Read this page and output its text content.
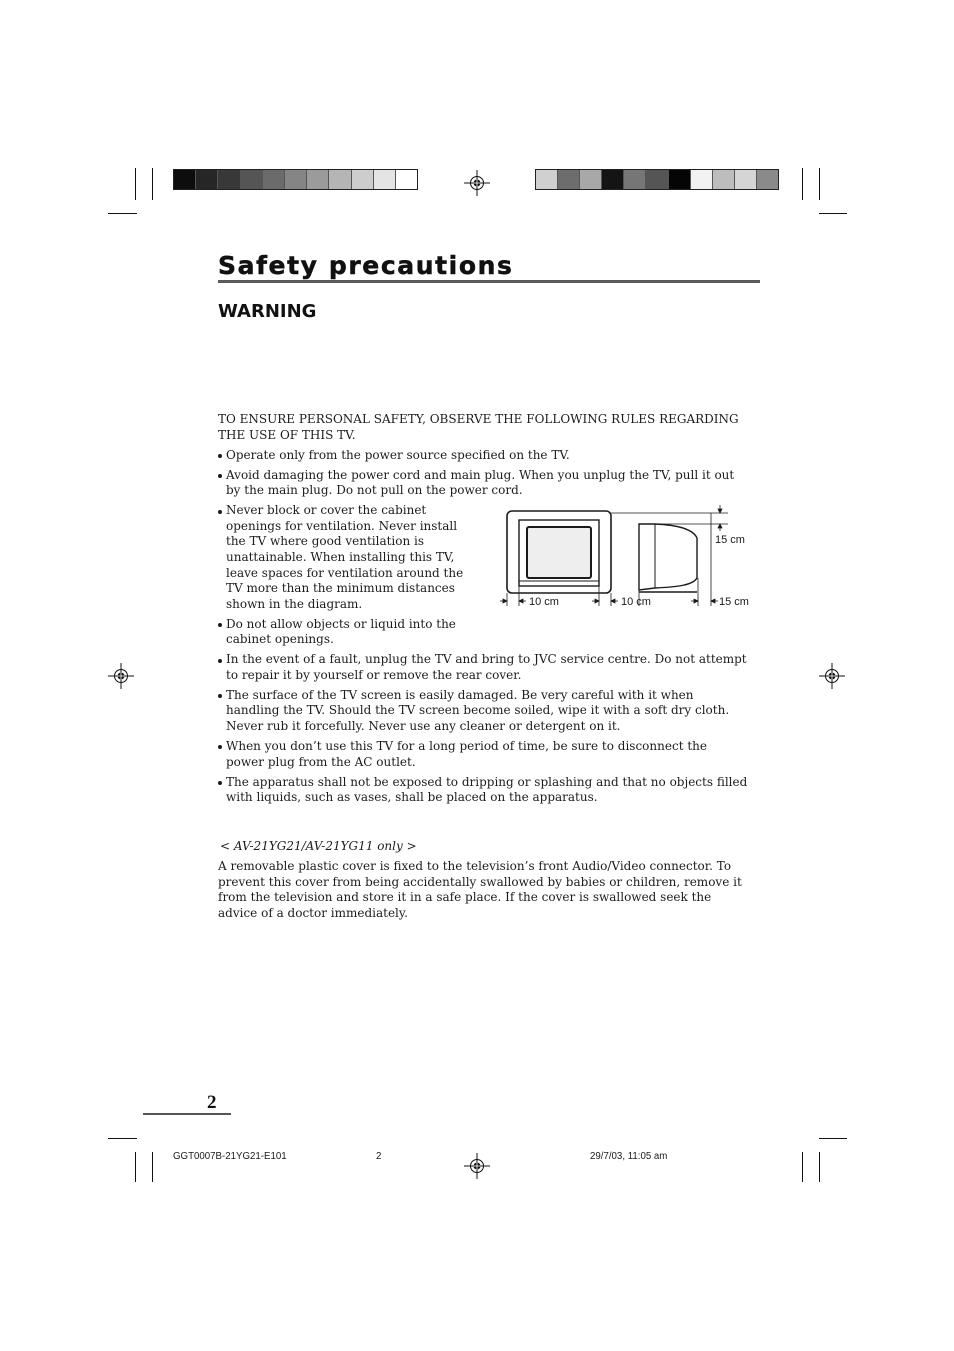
Safety precautions
WARNING
TO ENSURE PERSONAL SAFETY, OBSERVE THE FOLLOWING RULES REGARDING
THE USE OF THIS TV.
Operate only from the power source specified on the TV.
Avoid damaging the power cord and main plug. When you unplug the TV, pull it out
by the main plug. Do not pull on the power cord.
Never block or cover the cabinet
openings for ventilation. Never install
the TV where good ventilation is
unattainable. When installing this TV,
leave spaces for ventilation around the
TV more than the minimum distances
shown in the diagram.
Do not allow objects or liquid into the
cabinet openings.
In the event of a fault, unplug the TV and bring to JVC service centre. Do not attempt
to repair it by yourself or remove the rear cover.
The surface of the TV screen is easily damaged. Be very careful with it when
handling the TV. Should the TV screen become soiled, wipe it with a soft dry cloth.
Never rub it forcefully. Never use any cleaner or detergent on it.
When you don’t use this TV for a long period of time, be sure to disconnect the
power plug from the AC outlet.
The apparatus shall not be exposed to dripping or splashing and that no objects filled
with liquids, such as vases, shall be placed on the apparatus.
10 cm	10 cm	15 cm
15 cm
< AV-21YG21/AV-21YG11 only >
A removable plastic cover is fixed to the television’s front Audio/Video connector. To
prevent this cover from being accidentally swallowed by babies or children, remove it
from the television and store it in a safe place. If the cover is swallowed seek the
advice of a doctor immediately.
2
GGT0007B-21YG21-E101	2	29/7/03, 11:05 am
